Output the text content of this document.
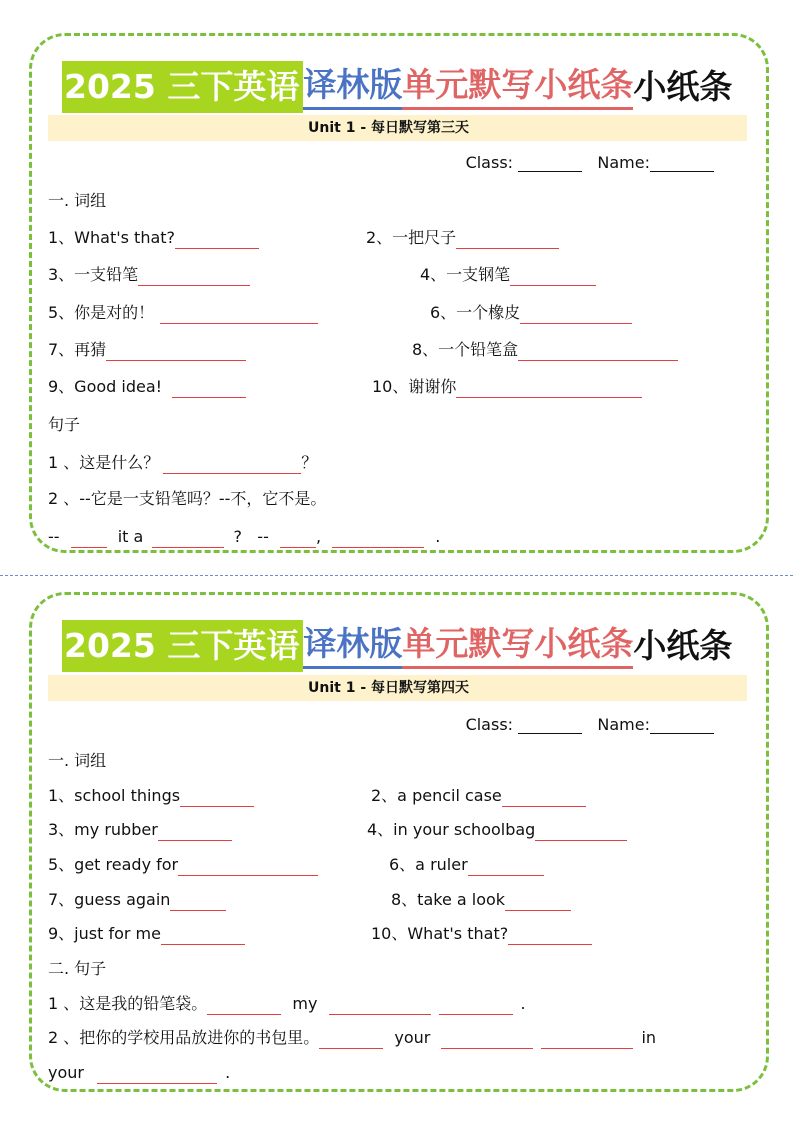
2025 三下英语 译林版 单元默写小纸条 小纸条
Unit 1 - 每日默写第三天
Class:	Name:
一. 词组
1、What's that?	2、一把尺子
3、一支铅笔	4、一支钢笔
5、你是对的！	6、一个橡皮
7、再猜	8、一个铅笔盒
9、Good idea!	10、谢谢你
句子
1 、这是什么？	？
2 、--它是一支铅笔吗？--不，它不是。
--	it a	? --	,	.
2025 三下英语 译林版 单元默写小纸条 小纸条
Unit 1 - 每日默写第四天
Class:	Name:
一. 词组
1、school things	2、a pencil case
3、my rubber	4、in your schoolbag
5、get ready for	6、a ruler
7、guess again	8、take a look
9、just for me	10、What's that?
二. 句子
1 、这是我的铅笔袋。	my	.
2 、把你的学校用品放进你的书包里。	your	in
your	.
